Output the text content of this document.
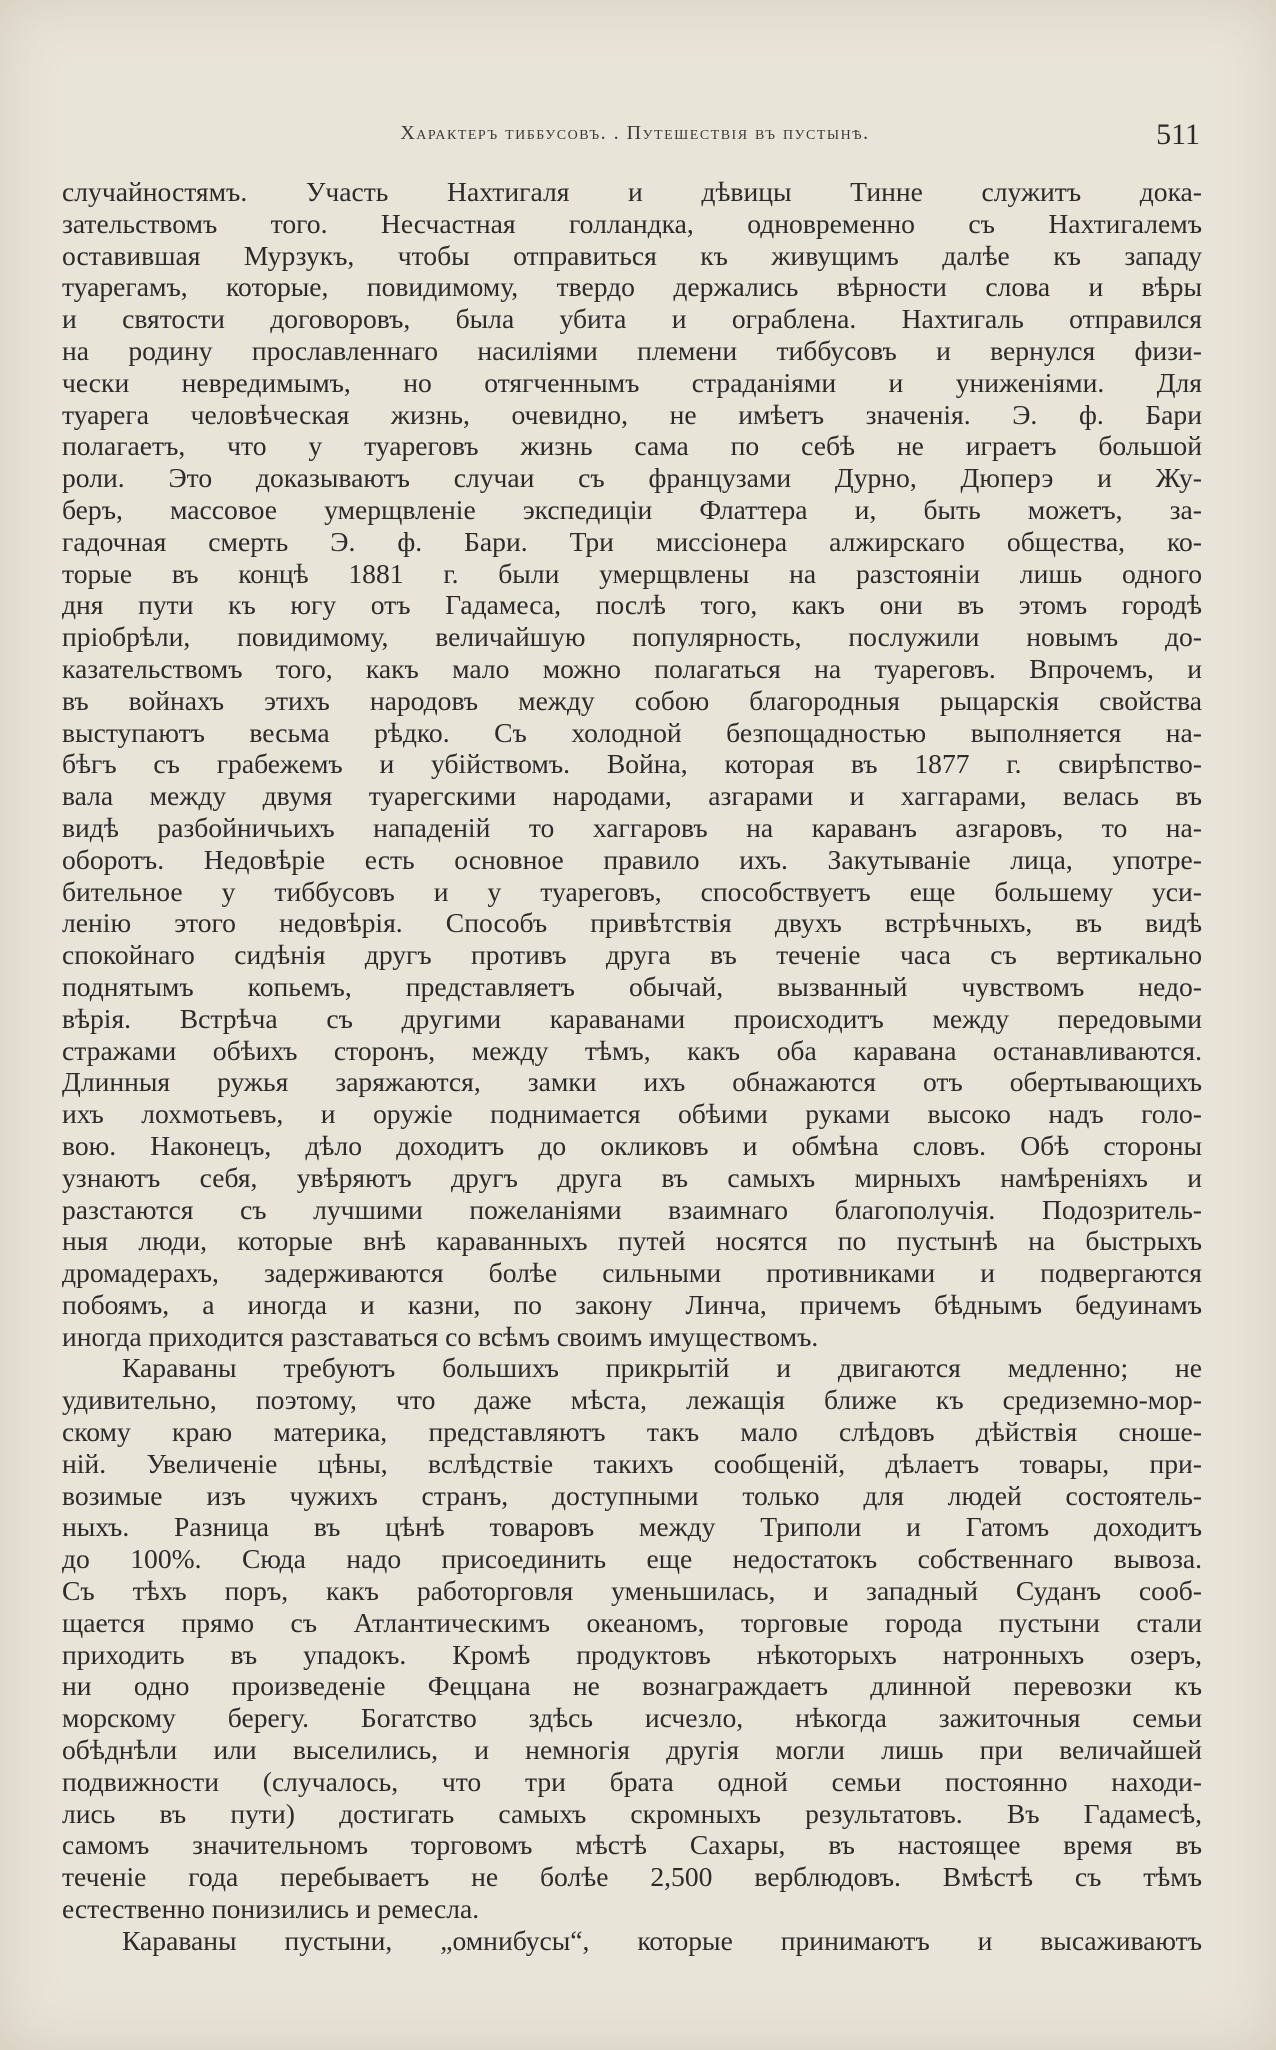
Характеръ тиббусовъ. . Путешествія въ пустынѣ.	511
случайностямъ. Участь Нахтигаля и дѣвицы Тинне служитъ дока-
зательствомъ того. Несчастная голландка, одновременно съ Нахтигалемъ
оставившая Мурзукъ, чтобы отправиться къ живущимъ далѣе къ западу
туарегамъ, которые, повидимому, твердо держались вѣрности слова и вѣры
и святости договоровъ, была убита и ограблена. Нахтигаль отправился
на родину прославленнаго насиліями племени тиббусовъ и вернулся физи-
чески невредимымъ, но отягченнымъ страданіями и униженіями. Для
туарега человѣческая жизнь, очевидно, не имѣетъ значенія. Э. ф. Бари
полагаетъ, что у туареговъ жизнь сама по себѣ не играетъ большой
роли. Это доказываютъ случаи съ французами Дурно, Дюперэ и Жу-
беръ, массовое умерщвленіе экспедиціи Флаттера и, быть можетъ, за-
гадочная смерть Э. ф. Бари. Три миссіонера алжирскаго общества, ко-
торые въ концѣ 1881 г. были умерщвлены на разстояніи лишь одного
дня пути къ югу отъ Гадамеса, послѣ того, какъ они въ этомъ городѣ
пріобрѣли, повидимому, величайшую популярность, послужили новымъ до-
казательствомъ того, какъ мало можно полагаться на туареговъ. Впрочемъ, и
въ войнахъ этихъ народовъ между собою благородныя рыцарскія свойства
выступаютъ весьма рѣдко. Съ холодной безпощадностью выполняется на-
бѣгъ съ грабежемъ и убійствомъ. Война, которая въ 1877 г. свирѣпство-
вала между двумя туарегскими народами, азгарами и хаггарами, велась въ
видѣ разбойничьихъ нападеній то хаггаровъ на караванъ азгаровъ, то на-
оборотъ. Недовѣріе есть основное правило ихъ. Закутываніе лица, употре-
бительное у тиббусовъ и у туареговъ, способствуетъ еще большему уси-
ленію этого недовѣрія. Способъ привѣтствія двухъ встрѣчныхъ, въ видѣ
спокойнаго сидѣнія другъ противъ друга въ теченіе часа съ вертикально
поднятымъ копьемъ, представляетъ обычай, вызванный чувствомъ недо-
вѣрія. Встрѣча съ другими караванами происходитъ между передовыми
стражами обѣихъ сторонъ, между тѣмъ, какъ оба каравана останавливаются.
Длинныя ружья заряжаются, замки ихъ обнажаются отъ обертывающихъ
ихъ лохмотьевъ, и оружіе поднимается обѣими руками высоко надъ голо-
вою. Наконецъ, дѣло доходитъ до окликовъ и обмѣна словъ. Обѣ стороны
узнаютъ себя, увѣряютъ другъ друга въ самыхъ мирныхъ намѣреніяхъ и
разстаются съ лучшими пожеланіями взаимнаго благополучія. Подозритель-
ныя люди, которые внѣ караванныхъ путей носятся по пустынѣ на быстрыхъ
дромадерахъ, задерживаются болѣе сильными противниками и подвергаются
побоямъ, а иногда и казни, по закону Линча, причемъ бѣднымъ бедуинамъ
иногда приходится разставаться со всѣмъ своимъ имуществомъ.
Караваны требуютъ большихъ прикрытій и двигаются медленно; не
удивительно, поэтому, что даже мѣста, лежащія ближе къ средиземно-мор-
скому краю материка, представляютъ такъ мало слѣдовъ дѣйствія сноше-
ній. Увеличеніе цѣны, вслѣдствіе такихъ сообщеній, дѣлаетъ товары, при-
возимые изъ чужихъ странъ, доступными только для людей состоятель-
ныхъ. Разница въ цѣнѣ товаровъ между Триполи и Гатомъ доходитъ
до 100%. Сюда надо присоединить еще недостатокъ собственнаго вывоза.
Съ тѣхъ поръ, какъ работорговля уменьшилась, и западный Суданъ сооб-
щается прямо съ Атлантическимъ океаномъ, торговые города пустыни стали
приходить въ упадокъ. Кромѣ продуктовъ нѣкоторыхъ натронныхъ озеръ,
ни одно произведеніе Феццана не вознаграждаетъ длинной перевозки къ
морскому берегу. Богатство здѣсь исчезло, нѣкогда зажиточныя семьи
обѣднѣли или выселились, и немногія другія могли лишь при величайшей
подвижности (случалось, что три брата одной семьи постоянно находи-
лись въ пути) достигать самыхъ скромныхъ результатовъ. Въ Гадамесѣ,
самомъ значительномъ торговомъ мѣстѣ Сахары, въ настоящее время въ
теченіе года перебываетъ не болѣе 2,500 верблюдовъ. Вмѣстѣ съ тѣмъ
естественно понизились и ремесла.
Караваны пустыни, „омнибусы“, которые принимаютъ и высаживаютъ
